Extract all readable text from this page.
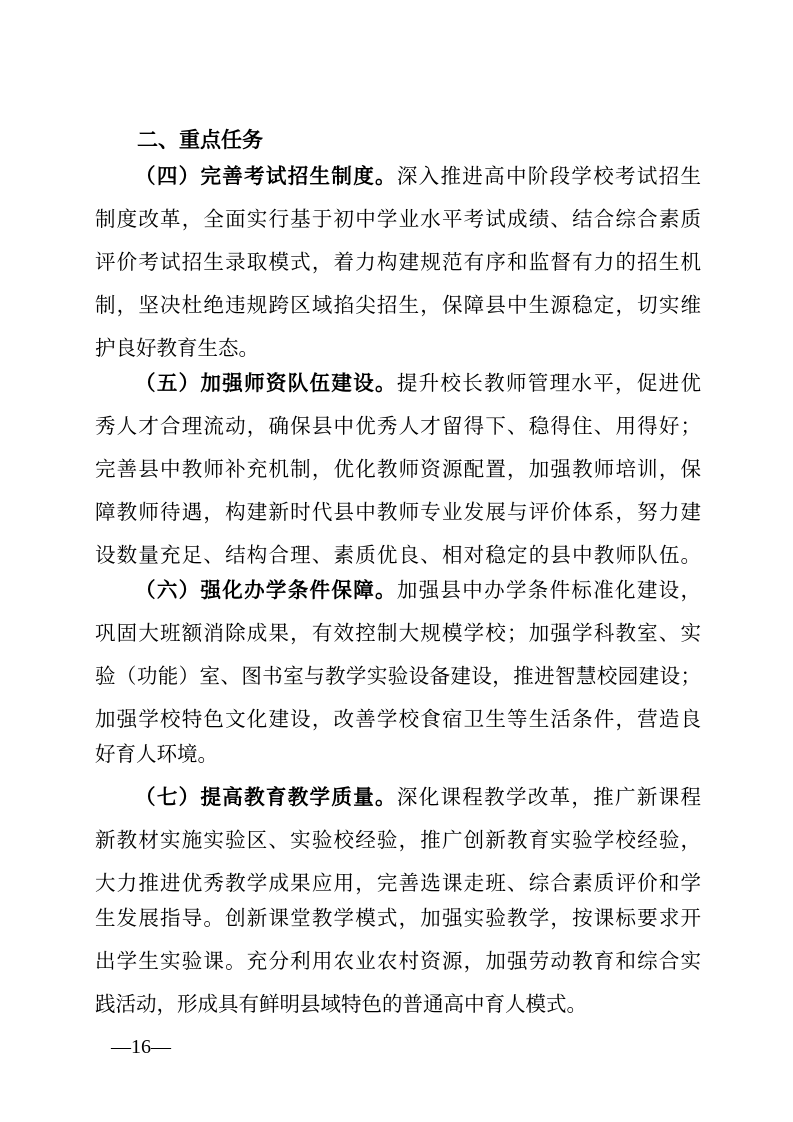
二、重点任务
（四）完善考试招生制度。深入推进高中阶段学校考试招生
制度改革，全面实行基于初中学业水平考试成绩、结合综合素质
评价考试招生录取模式，着力构建规范有序和监督有力的招生机
制，坚决杜绝违规跨区域掐尖招生，保障县中生源稳定，切实维
护良好教育生态。
（五）加强师资队伍建设。提升校长教师管理水平，促进优
秀人才合理流动，确保县中优秀人才留得下、稳得住、用得好；
完善县中教师补充机制，优化教师资源配置，加强教师培训，保
障教师待遇，构建新时代县中教师专业发展与评价体系，努力建
设数量充足、结构合理、素质优良、相对稳定的县中教师队伍。
（六）强化办学条件保障。加强县中办学条件标准化建设，
巩固大班额消除成果，有效控制大规模学校；加强学科教室、实
验（功能）室、图书室与教学实验设备建设，推进智慧校园建设；
加强学校特色文化建设，改善学校食宿卫生等生活条件，营造良
好育人环境。
（七）提高教育教学质量。深化课程教学改革，推广新课程
新教材实施实验区、实验校经验，推广创新教育实验学校经验，
大力推进优秀教学成果应用，完善选课走班、综合素质评价和学
生发展指导。创新课堂教学模式，加强实验教学，按课标要求开
出学生实验课。充分利用农业农村资源，加强劳动教育和综合实
践活动，形成具有鲜明县域特色的普通高中育人模式。
—16—
